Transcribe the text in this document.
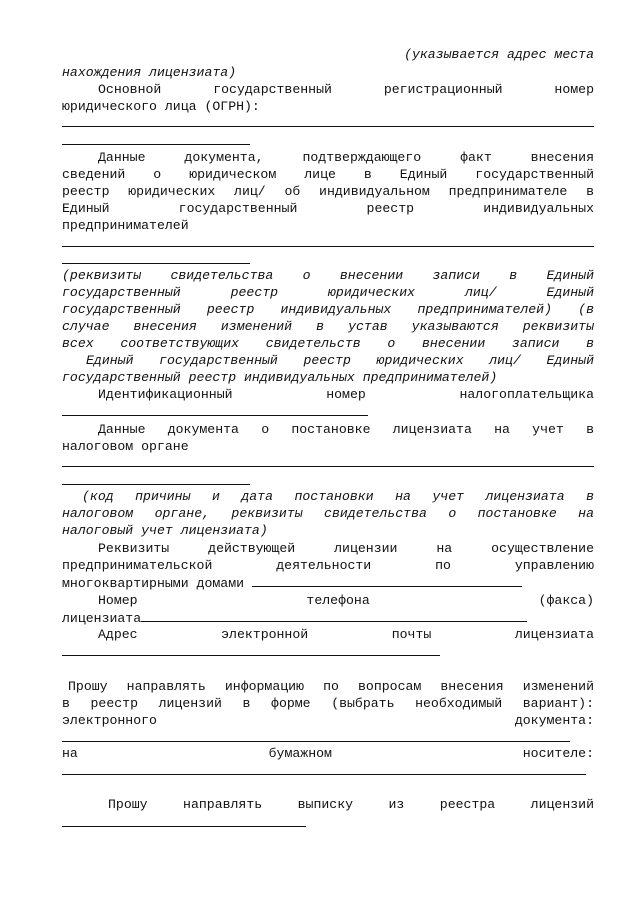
(указывается адрес места
нахождения лицензиата)
Основной государственный регистрационный номер
юридического лица (ОГРН):
Данные документа, подтверждающего факт внесения
сведений о юридическом лице в Единый государственный
реестр юридических лиц/ об индивидуальном предпринимателе в
Единый государственный реестр индивидуальных
предпринимателей
(реквизиты свидетельства о внесении записи в Единый
государственный реестр юридических лиц/ Единый
государственный реестр индивидуальных предпринимателей) (в
случае внесения изменений в устав указываются реквизиты
всех соответствующих свидетельств о внесении записи в
Единый государственный реестр юридических лиц/ Единый
государственный реестр индивидуальных предпринимателей)
Идентификационный номер налогоплательщика
Данные документа о постановке лицензиата на учет в
налоговом органе
(код причины и дата постановки на учет лицензиата в
налоговом органе, реквизиты свидетельства о постановке на
налоговый учет лицензиата)
Реквизиты действующей лицензии на осуществление
предпринимательской деятельности по управлению
многоквартирными домами
Номер телефона (факса)
лицензиата
Адрес электронной почты лицензиата
Прошу направлять информацию по вопросам внесения изменений
в реестр лицензий в форме (выбрать необходимый вариант):
электронного документа:
на бумажном носителе:
Прошу направлять выписку из реестра лицензий
